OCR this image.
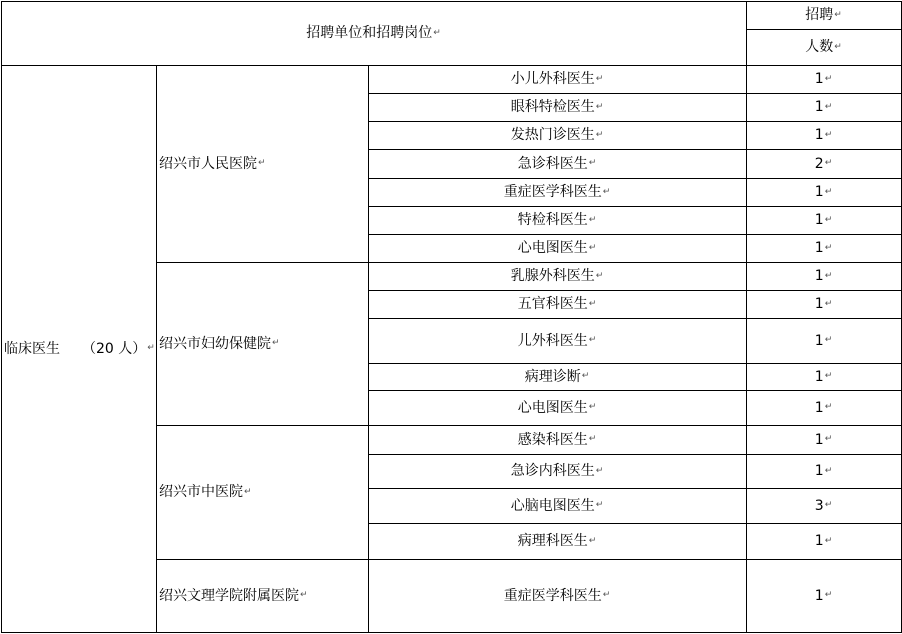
招聘单位和招聘岗位 ↵
招聘 ↵
人数 ↵
临床医生 （20 人） ↵
绍兴市人民医院 ↵
小儿外科医生 ↵	1 ↵
眼科特检医生 ↵	1 ↵
发热门诊医生 ↵	1 ↵
急诊科医生 ↵	2 ↵
重症医学科医生 ↵	1 ↵
特检科医生 ↵	1 ↵
心电图医生 ↵	1 ↵
绍兴市妇幼保健院 ↵
乳腺外科医生 ↵	1 ↵
五官科医生 ↵	1 ↵
儿外科医生 ↵	1 ↵
病理诊断 ↵	1 ↵
心电图医生 ↵	1 ↵
绍兴市中医院 ↵
感染科医生 ↵	1 ↵
急诊内科医生 ↵	1 ↵
心脑电图医生 ↵	3 ↵
病理科医生 ↵	1 ↵
绍兴文理学院附属医院 ↵	重症医学科医生 ↵	1 ↵
